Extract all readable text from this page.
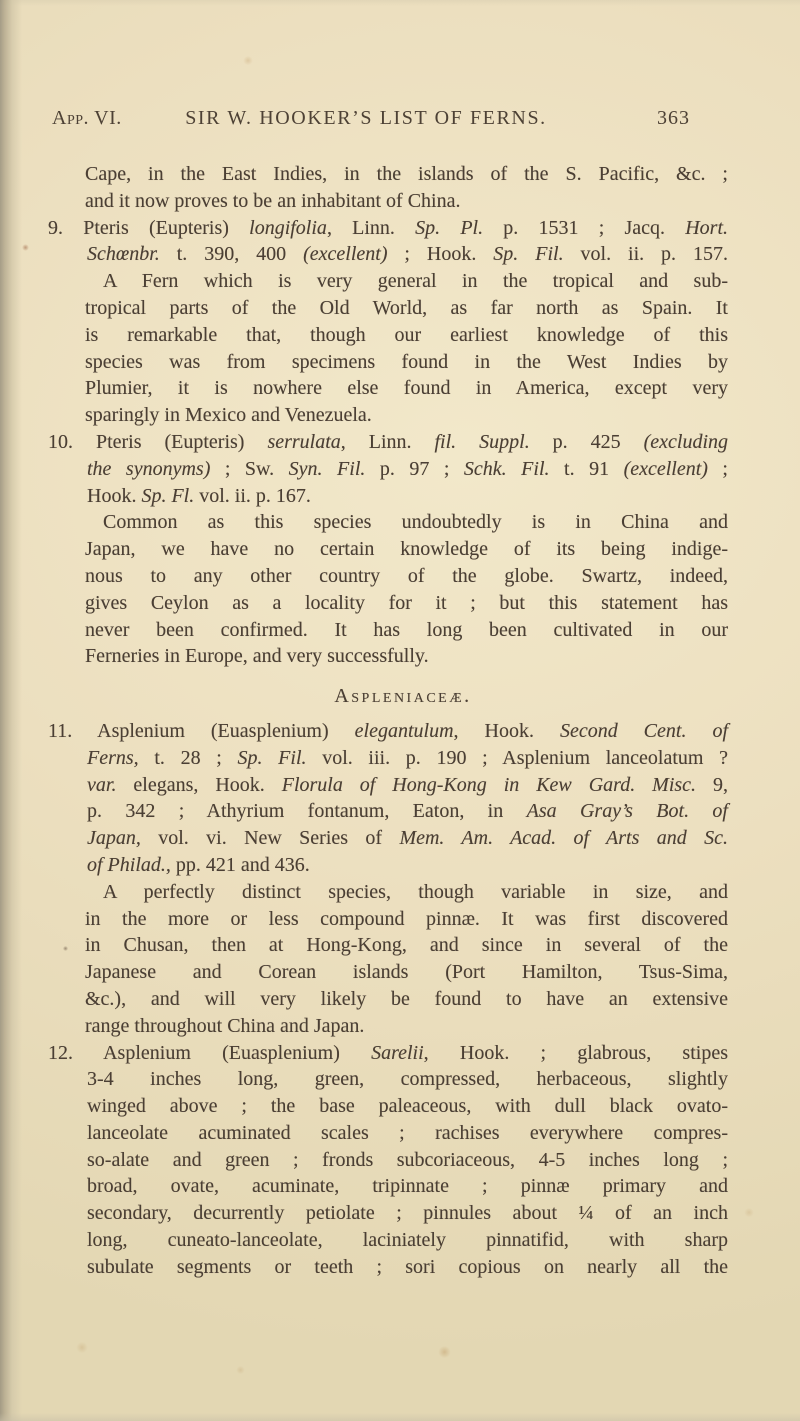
App. VI.	SIR W. HOOKER’S LIST OF FERNS.	363
Cape, in the East Indies, in the islands of the S. Pacific, &c. ;
and it now proves to be an inhabitant of China.
9. Pteris (Eupteris) longifolia, Linn. Sp. Pl. p. 1531 ; Jacq. Hort.
Schœnbr. t. 390, 400 (excellent) ; Hook. Sp. Fil. vol. ii. p. 157.
A Fern which is very general in the tropical and sub-
tropical parts of the Old World, as far north as Spain. It
is remarkable that, though our earliest knowledge of this
species was from specimens found in the West Indies by
Plumier, it is nowhere else found in America, except very
sparingly in Mexico and Venezuela.
10. Pteris (Eupteris) serrulata, Linn. fil. Suppl. p. 425 (excluding
the synonyms) ; Sw. Syn. Fil. p. 97 ; Schk. Fil. t. 91 (excellent) ;
Hook. Sp. Fl. vol. ii. p. 167.
Common as this species undoubtedly is in China and
Japan, we have no certain knowledge of its being indige-
nous to any other country of the globe. Swartz, indeed,
gives Ceylon as a locality for it ; but this statement has
never been confirmed. It has long been cultivated in our
Ferneries in Europe, and very successfully.
Aspleniaceæ.
11. Asplenium (Euasplenium) elegantulum, Hook. Second Cent. of
Ferns, t. 28 ; Sp. Fil. vol. iii. p. 190 ; Asplenium lanceolatum ?
var. elegans, Hook. Florula of Hong-Kong in Kew Gard. Misc. 9,
p. 342 ; Athyrium fontanum, Eaton, in Asa Gray’s Bot. of
Japan, vol. vi. New Series of Mem. Am. Acad. of Arts and Sc.
of Philad., pp. 421 and 436.
A perfectly distinct species, though variable in size, and
in the more or less compound pinnæ. It was first discovered
in Chusan, then at Hong-Kong, and since in several of the
Japanese and Corean islands (Port Hamilton, Tsus-Sima,
&c.), and will very likely be found to have an extensive
range throughout China and Japan.
12. Asplenium (Euasplenium) Sarelii, Hook. ; glabrous, stipes
3-4 inches long, green, compressed, herbaceous, slightly
winged above ; the base paleaceous, with dull black ovato-
lanceolate acuminated scales ; rachises everywhere compres-
so-alate and green ; fronds subcoriaceous, 4-5 inches long ;
broad, ovate, acuminate, tripinnate ; pinnæ primary and
secondary, decurrently petiolate ; pinnules about ¼ of an inch
long, cuneato-lanceolate, laciniately pinnatifid, with sharp
subulate segments or teeth ; sori copious on nearly all the
